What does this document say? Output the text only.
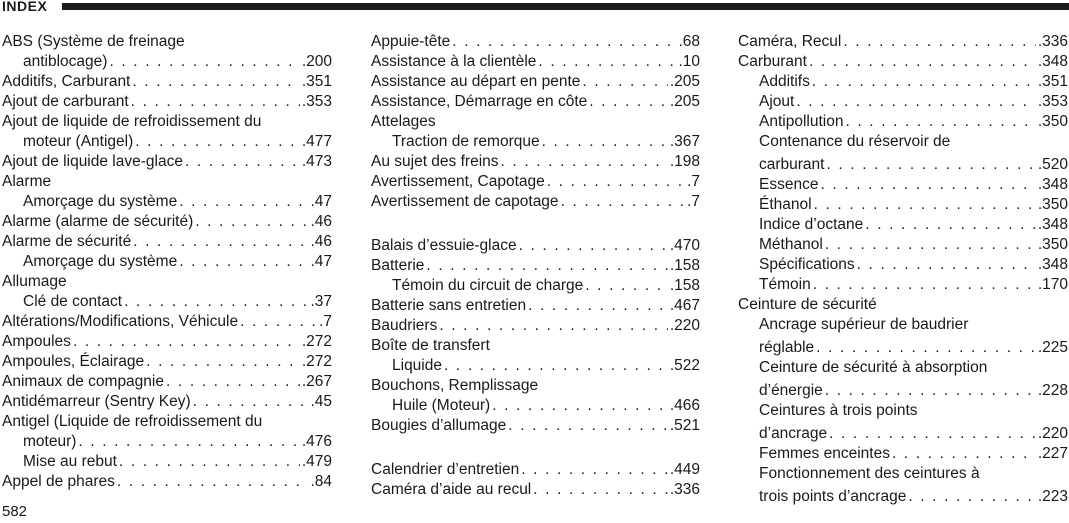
INDEX
ABS (Système de freinage
antiblocage) . . .	.200
Additifs, Carburant . . .	.351
Ajout de carburant . . .	.353
Ajout de liquide de refroidissement du
moteur (Antigel) . . .	.477
Ajout de liquide lave-glace . . .	.473
Alarme
Amorçage du système . . .	.47
Alarme (alarme de sécurité) . . .	.46
Alarme de sécurité . . .	.46
Amorçage du système . . .	.47
Allumage
Clé de contact . . .	.37
Altérations/Modifications, Véhicule . . .	.7
Ampoules . . .	.272
Ampoules, Éclairage . . .	.272
Animaux de compagnie . . .	.267
Antidémarreur (Sentry Key) . . .	.45
Antigel (Liquide de refroidissement du
moteur) . . .	.476
Mise au rebut . . .	.479
Appel de phares . . .	.84
Appuie-tête . . .	.68
Assistance à la clientèle . . .	.10
Assistance au départ en pente . . .	.205
Assistance, Démarrage en côte . . .	.205
Attelages
Traction de remorque . . .	.367
Au sujet des freins . . .	.198
Avertissement, Capotage . . .	.7
Avertissement de capotage . . .	.7
Balais d’essuie-glace . . .	.470
Batterie . . .	.158
Témoin du circuit de charge . . .	.158
Batterie sans entretien . . .	.467
Baudriers . . .	.220
Boîte de transfert
Liquide . . .	.522
Bouchons, Remplissage
Huile (Moteur) . . .	.466
Bougies d’allumage . . .	.521
Calendrier d’entretien . . .	.449
Caméra d’aide au recul . . .	.336
Caméra, Recul . . .	.336
Carburant . . .	.348
Additifs . . .	.351
Ajout . . .	.353
Antipollution . . .	.350
Contenance du réservoir de
carburant . . .	.520
Essence . . .	.348
Éthanol . . .	.350
Indice d’octane . . .	.348
Méthanol . . .	.350
Spécifications . . .	.348
Témoin . . .	.170
Ceinture de sécurité
Ancrage supérieur de baudrier
réglable . . .	.225
Ceinture de sécurité à absorption
d’énergie . . .	.228
Ceintures à trois points
d’ancrage . . .	.220
Femmes enceintes . . .	.227
Fonctionnement des ceintures à
trois points d’ancrage . . .	.223
582
